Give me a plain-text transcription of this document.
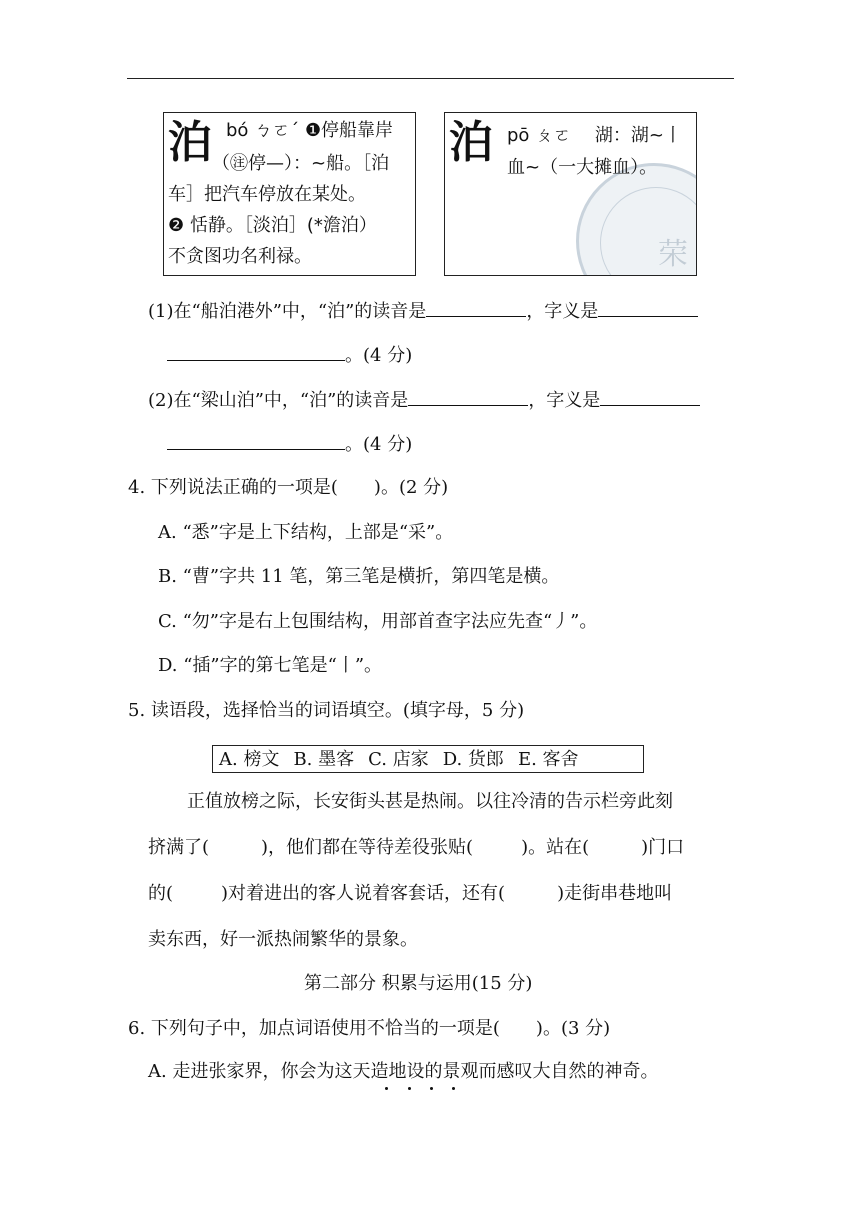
泊 bó ㄅㄛˊ ❶停船靠岸
（㊟停—）：~船。［泊
车］把汽车停放在某处。
❷ 恬静。［淡泊］(*澹泊）
不贪图功名利禄。	荣
泊 pō ㄆㄛ 　湖：湖~丨
血~（一大摊血）。
(1)在“船泊港外”中，“泊”的读音是	，字义是
。(4 分)
(2)在“梁山泊”中，“泊”的读音是	，字义是
。(4 分)
4. 下列说法正确的一项是( )。(2 分)
A. “悉”字是上下结构，上部是“采”。
B. “曹”字共 11 笔，第三笔是横折，第四笔是横。
C. “勿”字是右上包围结构，用部首查字法应先查“丿”。
D. “插”字的第七笔是“丨”。
5. 读语段，选择恰当的词语填空。(填字母，5 分)
A. 榜文 B. 墨客 C. 店家 D. 货郎 E. 客舍
正值放榜之际，长安街头甚是热闹。以往冷清的告示栏旁此刻
挤满了(	)，他们都在等待差役张贴(	)。站在(	)门口
的(	)对着进出的客人说着客套话，还有(	)走街串巷地叫
卖东西，好一派热闹繁华的景象。
第二部分 积累与运用(15 分)
6. 下列句子中，加点词语使用不恰当的一项是( )。(3 分)
A. 走进张家界，你会为这天造地设的景观而感叹大自然的神奇。
